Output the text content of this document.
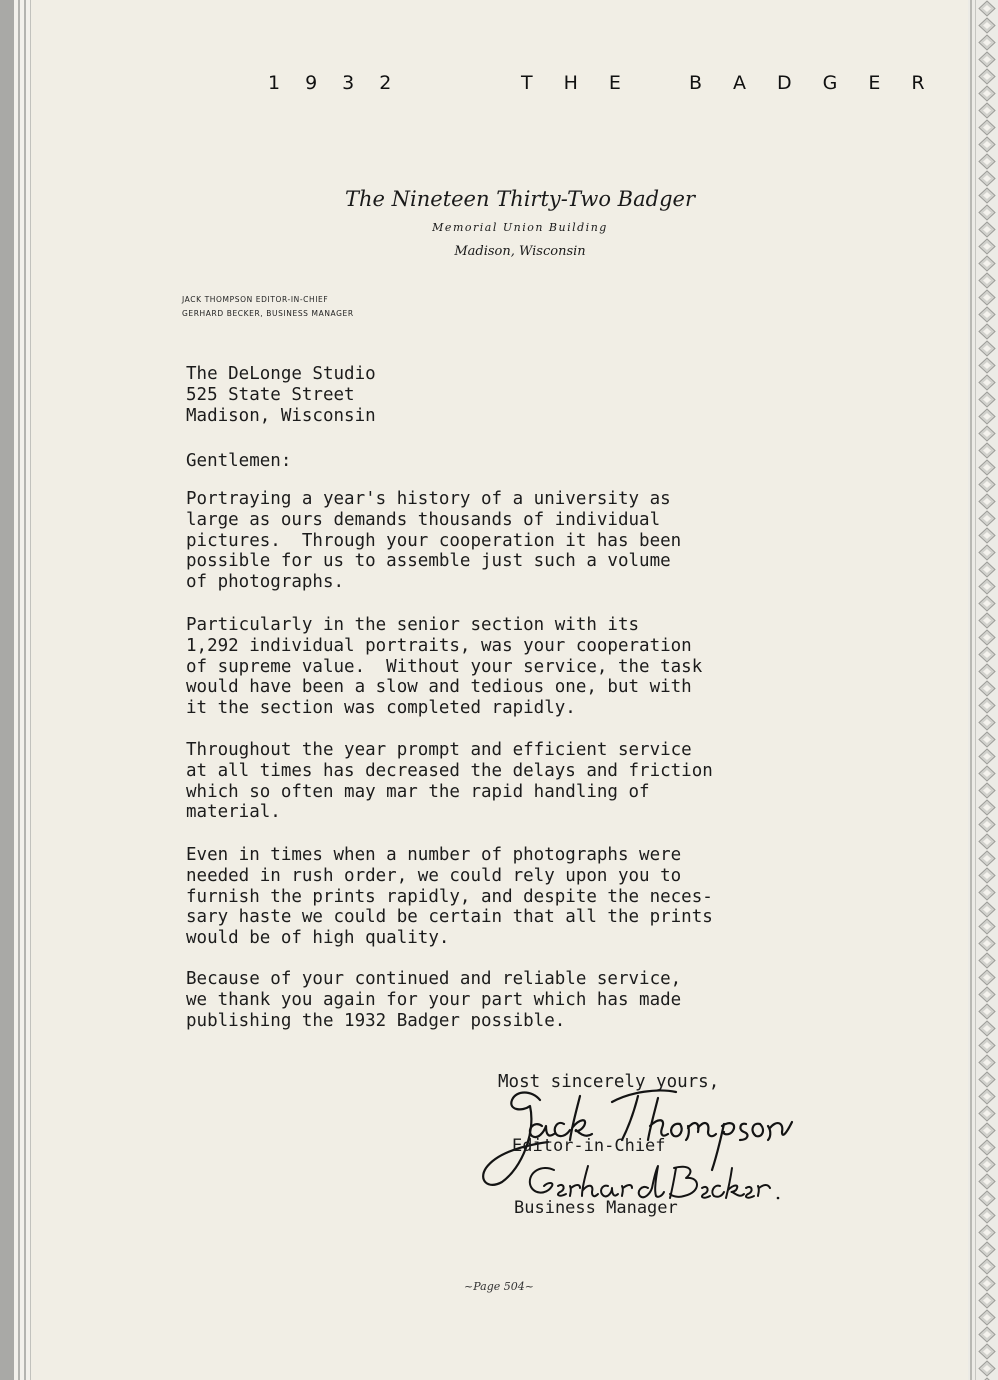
1932	THE BADGER
The Nineteen Thirty-Two Badger
Memorial Union Building
Madison, Wisconsin
JACK THOMPSON EDITOR-IN-CHIEF
GERHARD BECKER, BUSINESS MANAGER
The DeLonge Studio
525 State Street
Madison, Wisconsin
Gentlemen:
Portraying a year's history of a university as
large as ours demands thousands of individual
pictures.  Through your cooperation it has been
possible for us to assemble just such a volume
of photographs.
Particularly in the senior section with its
1,292 individual portraits, was your cooperation
of supreme value.  Without your service, the task
would have been a slow and tedious one, but with
it the section was completed rapidly.
Throughout the year prompt and efficient service
at all times has decreased the delays and friction
which so often may mar the rapid handling of
material.
Even in times when a number of photographs were
needed in rush order, we could rely upon you to
furnish the prints rapidly, and despite the neces-
sary haste we could be certain that all the prints
would be of high quality.
Because of your continued and reliable service,
we thank you again for your part which has made
publishing the 1932 Badger possible.
Most sincerely yours,
Editor-in-Chief
Business Manager
~Page 504~
